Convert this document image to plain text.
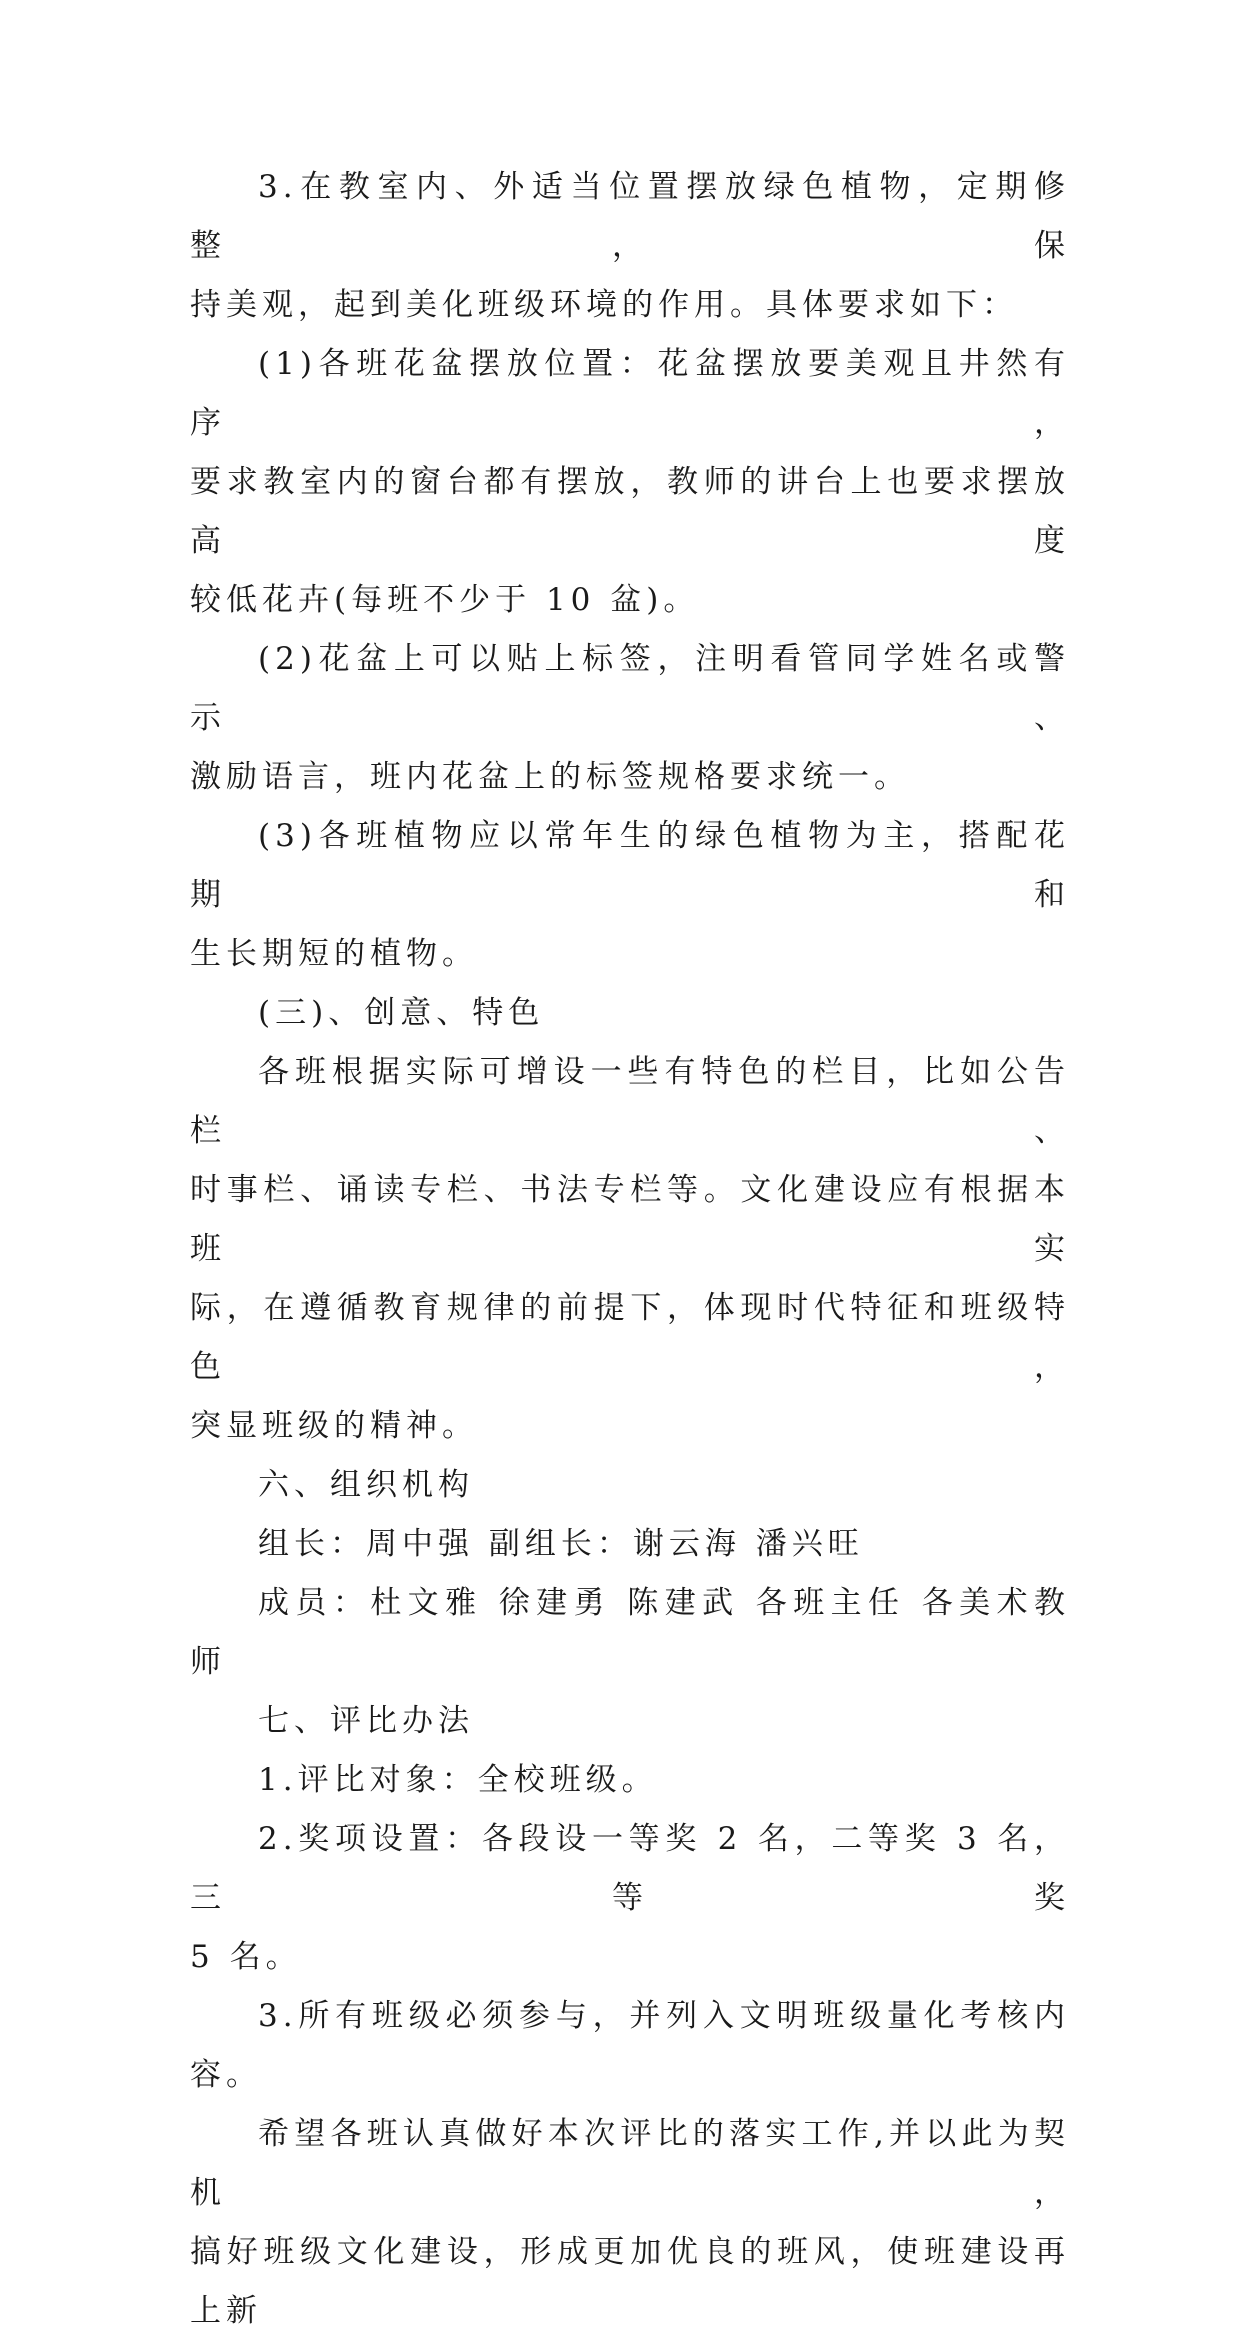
3.在教室内、外适当位置摆放绿色植物，定期修整，保

持美观，起到美化班级环境的作用。具体要求如下：

(1)各班花盆摆放位置：花盆摆放要美观且井然有序，

要求教室内的窗台都有摆放，教师的讲台上也要求摆放高度

较低花卉(每班不少于 10 盆)。

(2)花盆上可以贴上标签，注明看管同学姓名或警示、

激励语言，班内花盆上的标签规格要求统一。

(3)各班植物应以常年生的绿色植物为主，搭配花期和

生长期短的植物。

(三)、创意、特色

各班根据实际可增设一些有特色的栏目，比如公告栏、

时事栏、诵读专栏、书法专栏等。文化建设应有根据本班实

际，在遵循教育规律的前提下，体现时代特征和班级特色，

突显班级的精神。

六、组织机构

组长：周中强 副组长：谢云海 潘兴旺

成员：杜文雅 徐建勇 陈建武 各班主任 各美术教师

七、评比办法

1.评比对象：全校班级。

2.奖项设置：各段设一等奖 2 名，二等奖 3 名，三等奖

5 名。

3.所有班级必须参与，并列入文明班级量化考核内容。

希望各班认真做好本次评比的落实工作,并以此为契机，

搞好班级文化建设，形成更加优良的班风，使班建设再上新
